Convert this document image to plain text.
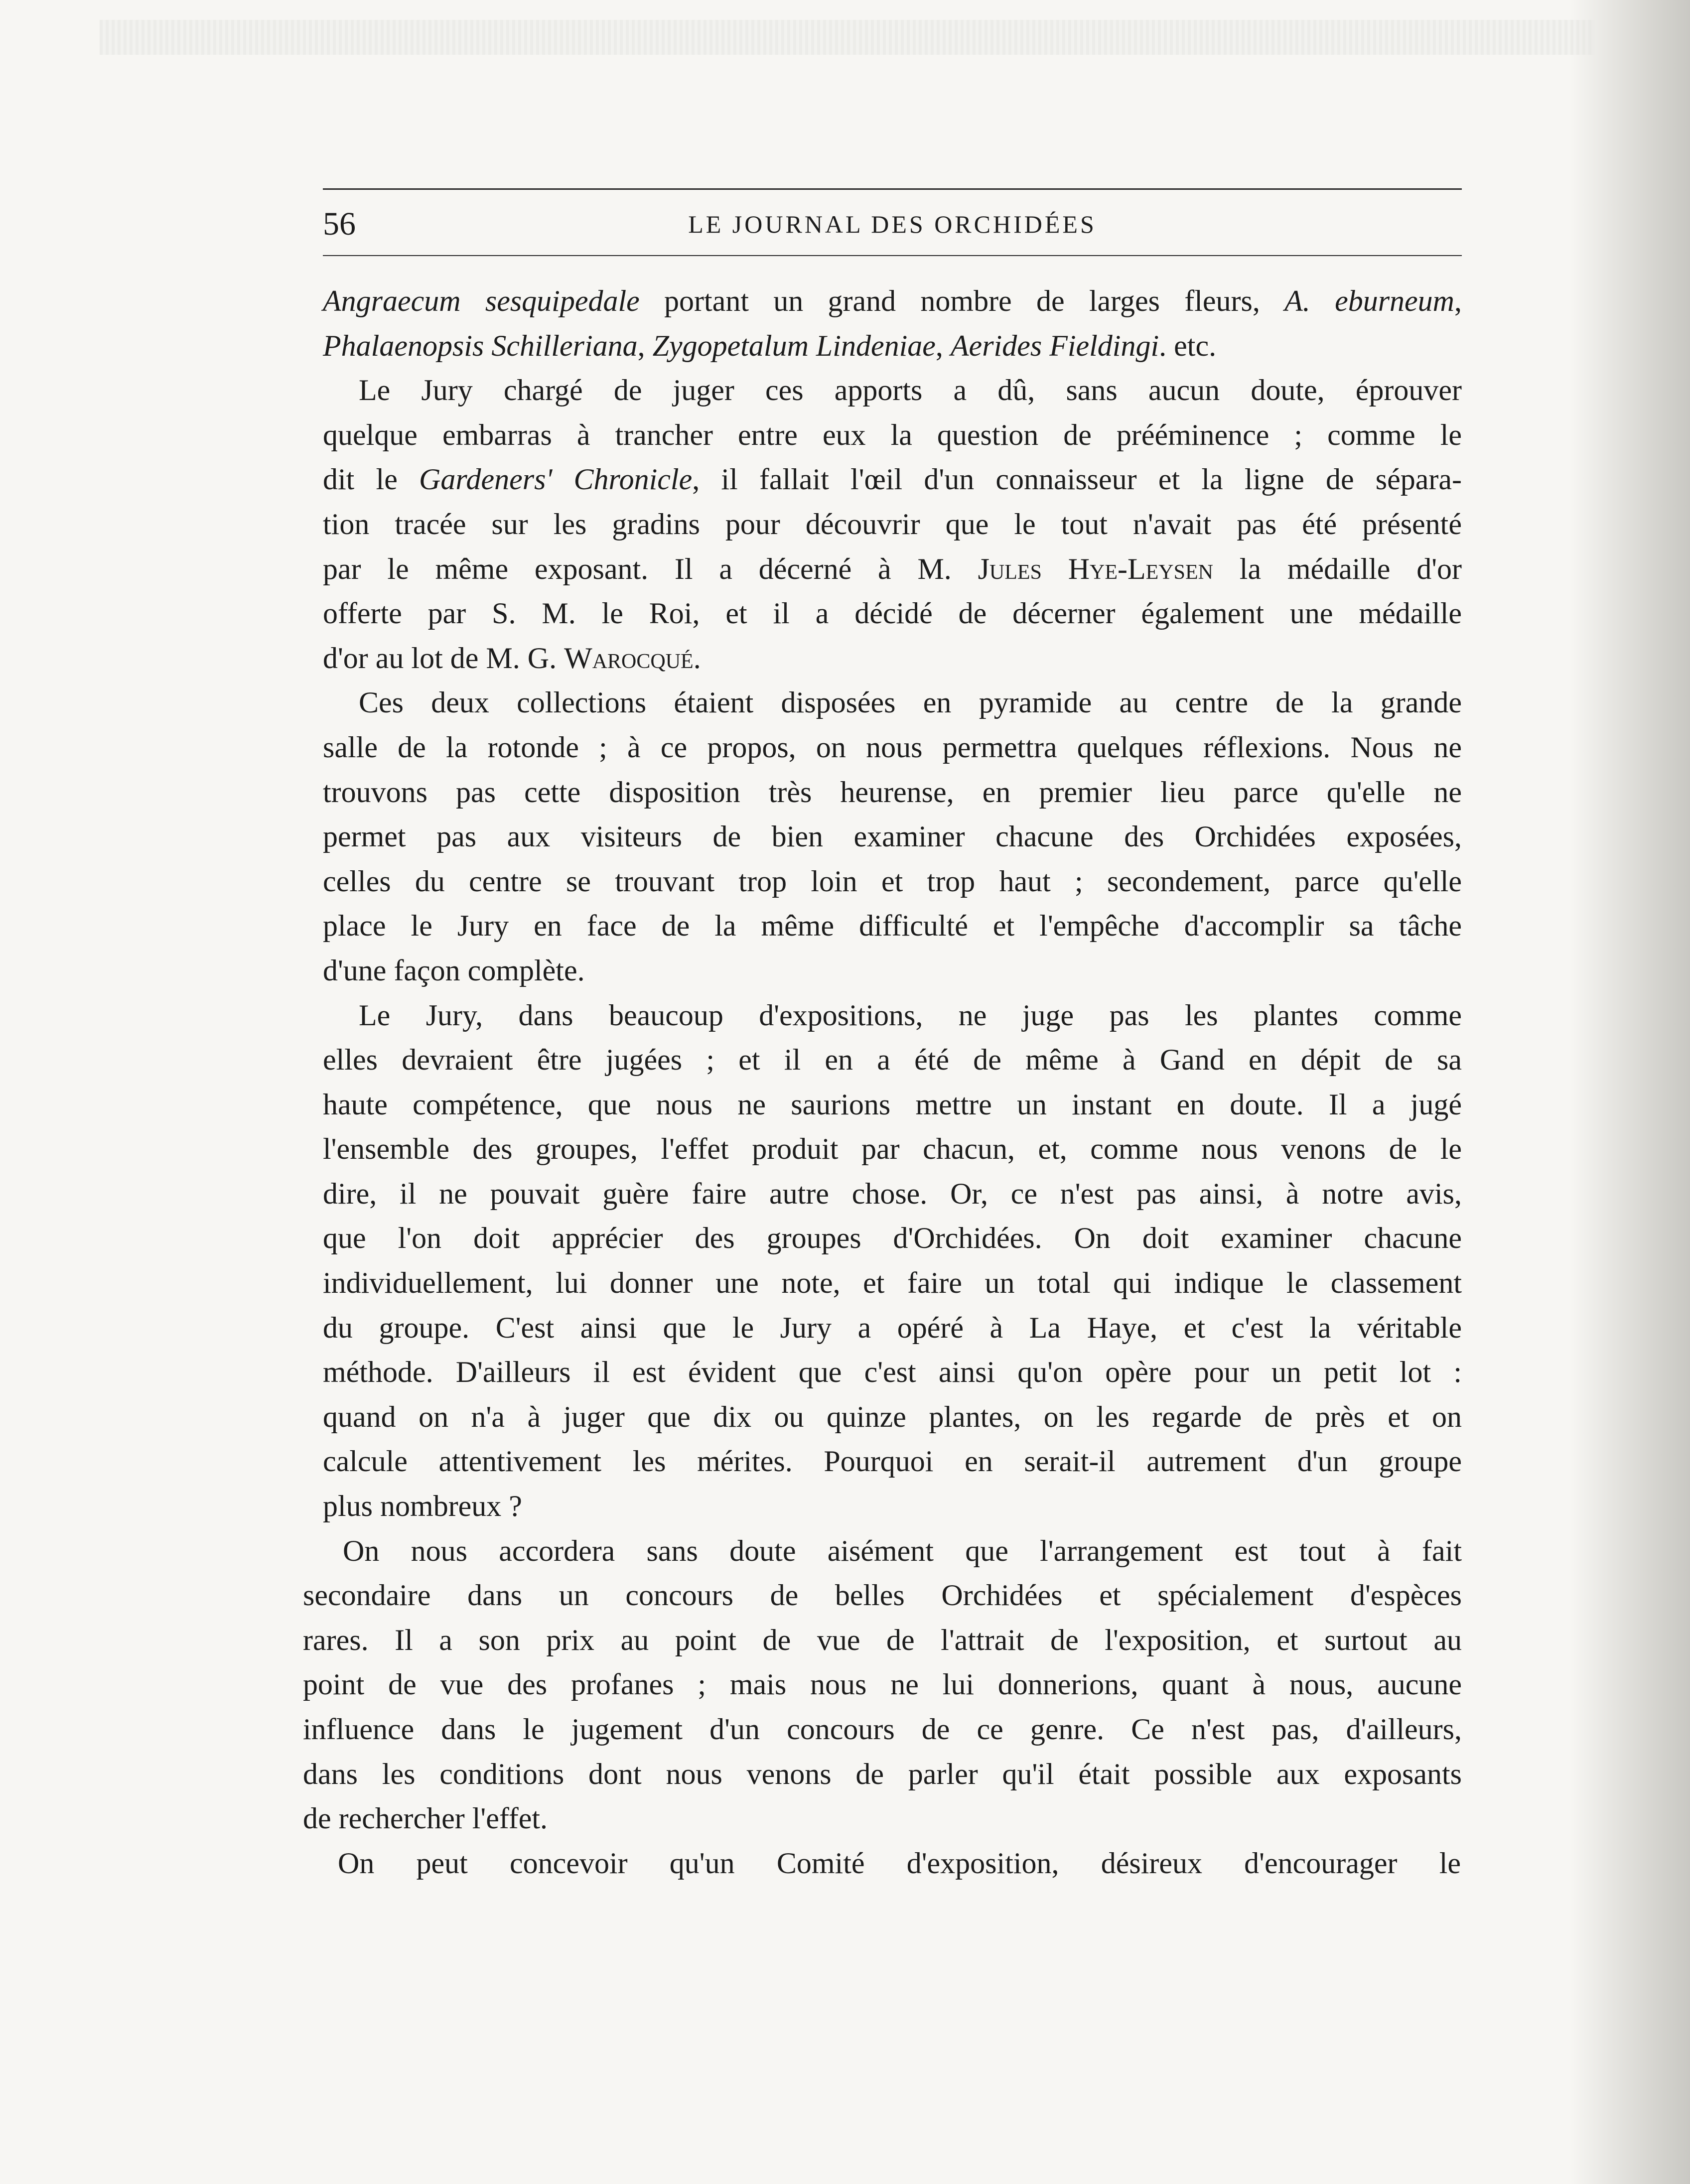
56	LE JOURNAL DES ORCHIDÉES
Angraecum sesquipedale portant un grand nombre de larges fleurs, A. eburneum,
Phalaenopsis Schilleriana, Zygopetalum Lindeniae, Aerides Fieldingi. etc.
Le Jury chargé de juger ces apports a dû, sans aucun doute, éprouver
quelque embarras à trancher entre eux la question de prééminence ; comme le
dit le Gardeners' Chronicle, il fallait l'œil d'un connaisseur et la ligne de sépara-
tion tracée sur les gradins pour découvrir que le tout n'avait pas été présenté
par le même exposant. Il a décerné à M. Jules Hye-Leysen la médaille d'or
offerte par S. M. le Roi, et il a décidé de décerner également une médaille
d'or au lot de M. G. Warocqué.
Ces deux collections étaient disposées en pyramide au centre de la grande
salle de la rotonde ; à ce propos, on nous permettra quelques réflexions. Nous ne
trouvons pas cette disposition très heurense, en premier lieu parce qu'elle ne
permet pas aux visiteurs de bien examiner chacune des Orchidées exposées,
celles du centre se trouvant trop loin et trop haut ; secondement, parce qu'elle
place le Jury en face de la même difficulté et l'empêche d'accomplir sa tâche
d'une façon complète.
Le Jury, dans beaucoup d'expositions, ne juge pas les plantes comme
elles devraient être jugées ; et il en a été de même à Gand en dépit de sa
haute compétence, que nous ne saurions mettre un instant en doute. Il a jugé
l'ensemble des groupes, l'effet produit par chacun, et, comme nous venons de le
dire, il ne pouvait guère faire autre chose. Or, ce n'est pas ainsi, à notre avis,
que l'on doit apprécier des groupes d'Orchidées. On doit examiner chacune
individuellement, lui donner une note, et faire un total qui indique le classement
du groupe. C'est ainsi que le Jury a opéré à La Haye, et c'est la véritable
méthode. D'ailleurs il est évident que c'est ainsi qu'on opère pour un petit lot :
quand on n'a à juger que dix ou quinze plantes, on les regarde de près et on
calcule attentivement les mérites. Pourquoi en serait-il autrement d'un groupe
plus nombreux ?
On nous accordera sans doute aisément que l'arrangement est tout à fait
secondaire dans un concours de belles Orchidées et spécialement d'espèces
rares. Il a son prix au point de vue de l'attrait de l'exposition, et surtout au
point de vue des profanes ; mais nous ne lui donnerions, quant à nous, aucune
influence dans le jugement d'un concours de ce genre. Ce n'est pas, d'ailleurs,
dans les conditions dont nous venons de parler qu'il était possible aux exposants
de rechercher l'effet.
On peut concevoir qu'un Comité d'exposition, désireux d'encourager le
